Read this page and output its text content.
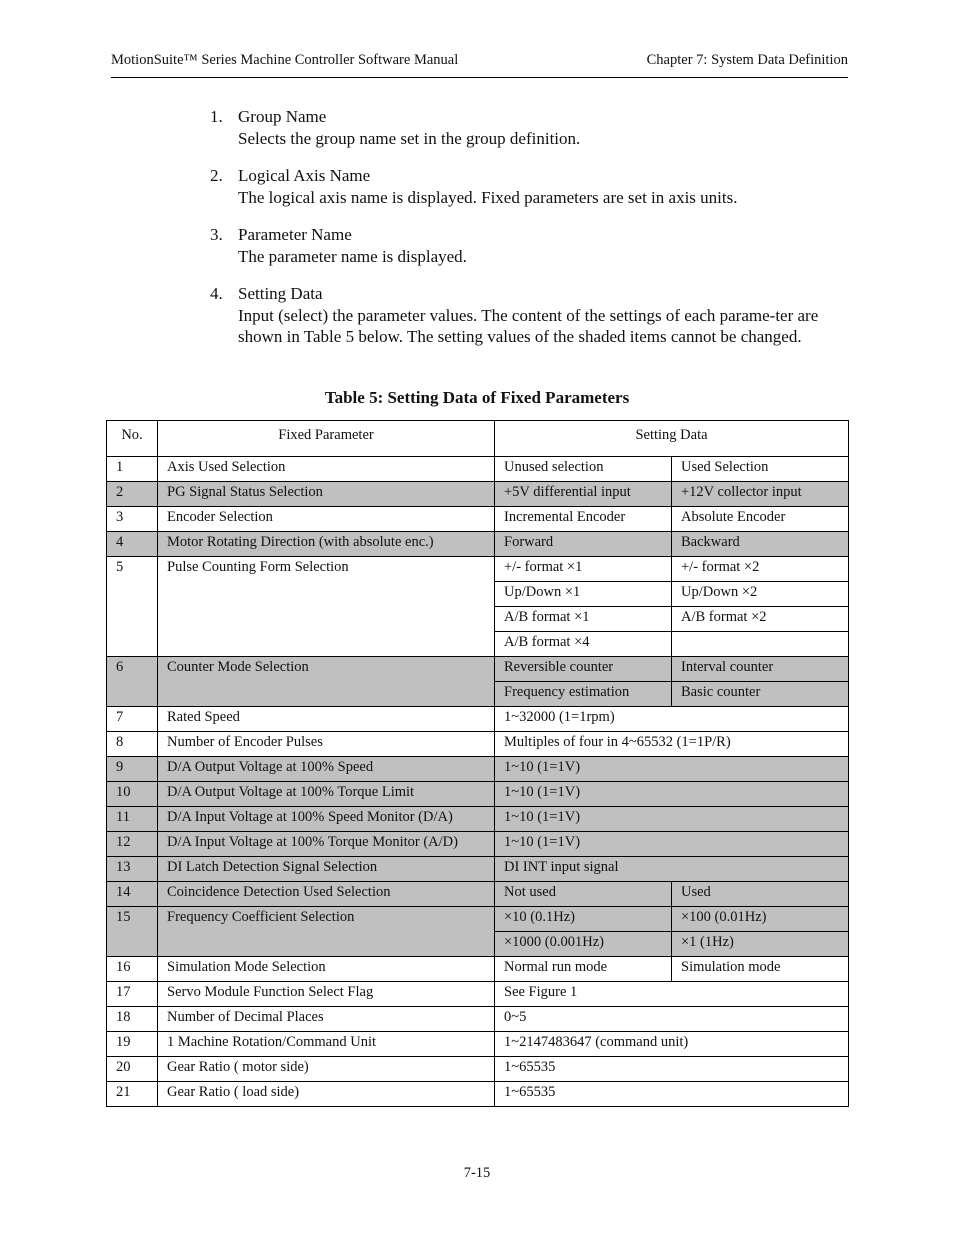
MotionSuite™ Series Machine Controller Software Manual	Chapter 7: System Data Definition
1. Group Name
Selects the group name set in the group definition.
2. Logical Axis Name
The logical axis name is displayed. Fixed parameters are set in axis units.
3. Parameter Name
The parameter name is displayed.
4. Setting Data
Input (select) the parameter values. The content of the settings of each parame-ter are shown in Table 5 below. The setting values of the shaded items cannot be changed.
Table 5: Setting Data of Fixed Parameters
No.	Fixed Parameter	Setting Data	
1	Axis Used Selection	Unused selection	Used Selection
2	PG Signal Status Selection	+5V differential input	+12V collector input
3	Encoder Selection	Incremental Encoder	Absolute Encoder
4	Motor Rotating Direction (with absolute enc.)	Forward	Backward
5	Pulse Counting Form Selection	+/- format ×1	+/- format ×2
		Up/Down ×1	Up/Down ×2
		A/B format ×1	A/B format ×2
		A/B format ×4	
6	Counter Mode Selection	Reversible counter	Interval counter
		Frequency estimation	Basic counter
7	Rated Speed	1~32000 (1=1rpm)	
8	Number of Encoder Pulses	Multiples of four in 4~65532 (1=1P/R)	
9	D/A Output Voltage at 100% Speed	1~10 (1=1V)	
10	D/A Output Voltage at 100% Torque Limit	1~10 (1=1V)	
11	D/A Input Voltage at 100% Speed Monitor (D/A)	1~10 (1=1V)	
12	D/A Input Voltage at 100% Torque Monitor (A/D)	1~10 (1=1V)	
13	DI Latch Detection Signal Selection	DI INT input signal	
14	Coincidence Detection Used Selection	Not used	Used
15	Frequency Coefficient Selection	×10 (0.1Hz)	×100 (0.01Hz)
		×1000 (0.001Hz)	×1 (1Hz)
16	Simulation Mode Selection	Normal run mode	Simulation mode
17	Servo Module Function Select Flag	See Figure 1	
18	Number of Decimal Places	0~5	
19	1 Machine Rotation/Command Unit	1~2147483647 (command unit)	
20	Gear Ratio ( motor side)	1~65535	
21	Gear Ratio ( load side)	1~65535	
7-15
